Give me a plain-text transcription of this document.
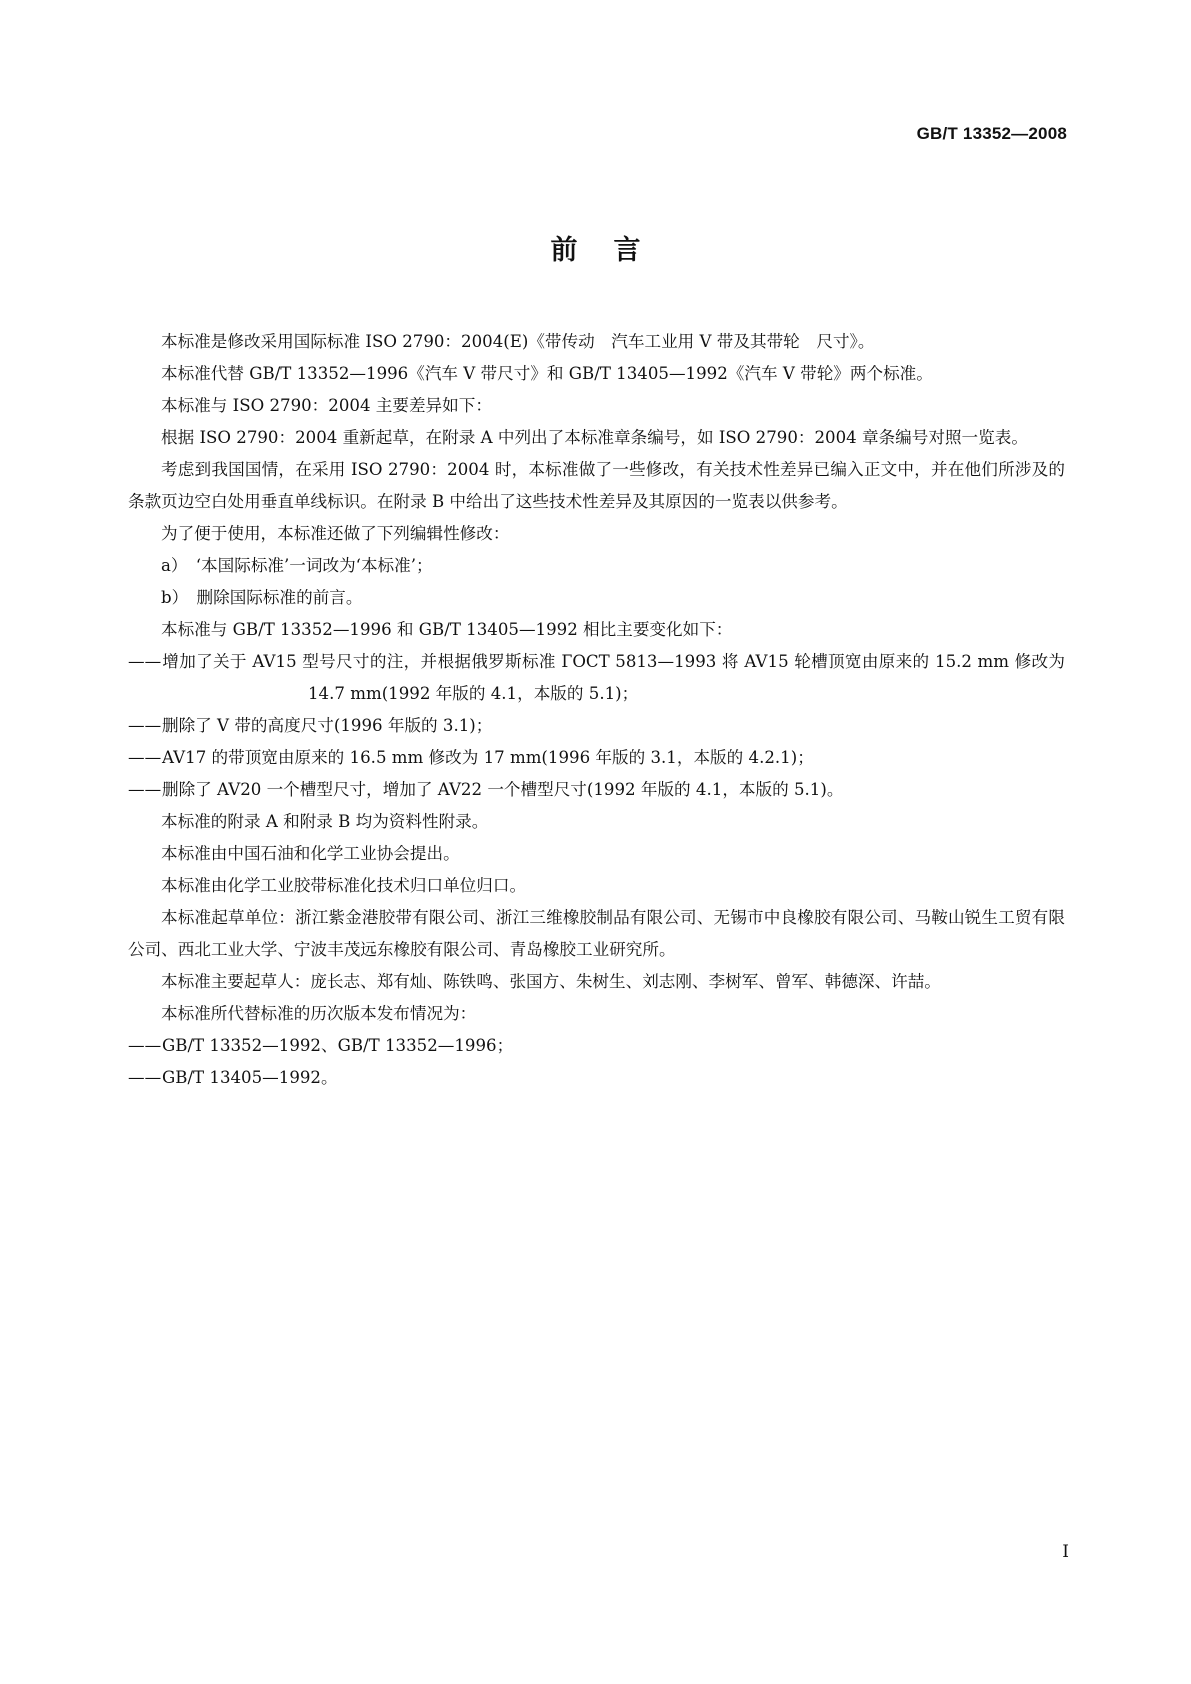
GB/T 13352—2008
前言

本标准是修改采用国际标准 ISO 2790：2004(E)《带传动　汽车工业用 V 带及其带轮　尺寸》。

本标准代替 GB/T 13352—1996《汽车 V 带尺寸》和 GB/T 13405—1992《汽车 V 带轮》两个标准。

本标准与 ISO 2790：2004 主要差异如下：

根据 ISO 2790：2004 重新起草，在附录 A 中列出了本标准章条编号，如 ISO 2790：2004 章条编号对照一览表。

考虑到我国国情，在采用 ISO 2790：2004 时，本标准做了一些修改，有关技术性差异已编入正文中，并在他们所涉及的条款页边空白处用垂直单线标识。在附录 B 中给出了这些技术性差异及其原因的一览表以供参考。

为了便于使用，本标准还做了下列编辑性修改：

a）　‘本国际标准’一词改为‘本标准’；

b）　删除国际标准的前言。

本标准与 GB/T 13352—1996 和 GB/T 13405—1992 相比主要变化如下：

——增加了关于 AV15 型号尺寸的注，并根据俄罗斯标准 ГОСТ 5813—1993 将 AV15 轮槽顶宽由原来的 15.2 mm 修改为 14.7 mm(1992 年版的 4.1，本版的 5.1)；

——删除了 V 带的高度尺寸(1996 年版的 3.1)；

——AV17 的带顶宽由原来的 16.5 mm 修改为 17 mm(1996 年版的 3.1，本版的 4.2.1)；

——删除了 AV20 一个槽型尺寸，增加了 AV22 一个槽型尺寸(1992 年版的 4.1，本版的 5.1)。

本标准的附录 A 和附录 B 均为资料性附录。

本标准由中国石油和化学工业协会提出。

本标准由化学工业胶带标准化技术归口单位归口。

本标准起草单位：浙江紫金港胶带有限公司、浙江三维橡胶制品有限公司、无锡市中良橡胶有限公司、马鞍山锐生工贸有限公司、西北工业大学、宁波丰茂远东橡胶有限公司、青岛橡胶工业研究所。

本标准主要起草人：庞长志、郑有灿、陈铁鸣、张国方、朱树生、刘志刚、李树军、曾军、韩德深、许喆。

本标准所代替标准的历次版本发布情况为：

——GB/T 13352—1992、GB/T 13352—1996；

——GB/T 13405—1992。

I
